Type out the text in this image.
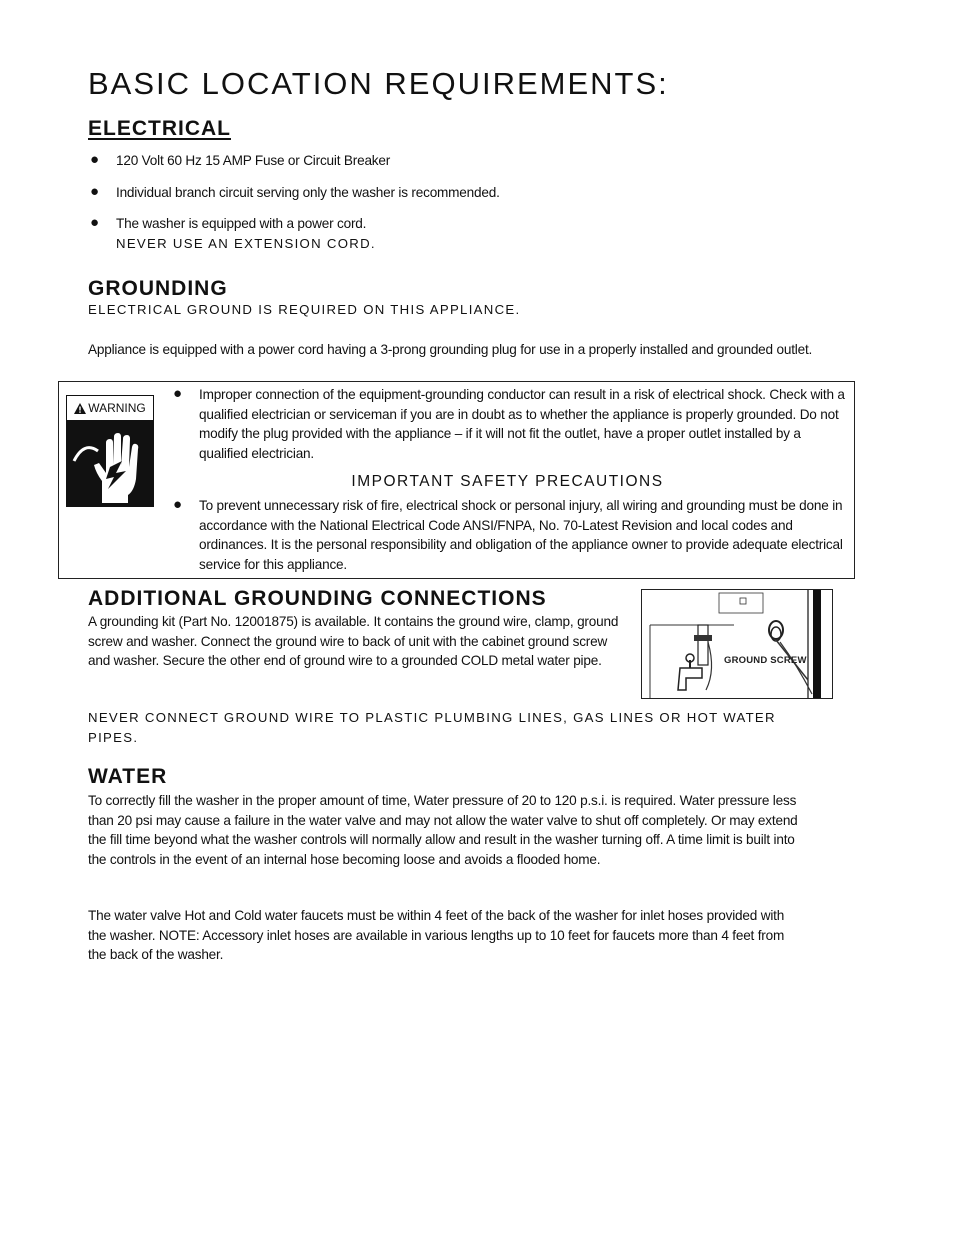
BASIC LOCATION REQUIREMENTS:
ELECTRICAL
● 120 Volt 60 Hz 15 AMP Fuse or Circuit Breaker
● Individual branch circuit serving only the washer is recommended.
● The washer is equipped with a power cord.
NEVER USE AN EXTENSION CORD.
GROUNDING
ELECTRICAL GROUND IS REQUIRED ON THIS APPLIANCE.
Appliance is equipped with a power cord having a 3-prong grounding plug for use in a properly installed and grounded outlet.
WARNING
● Improper connection of the equipment-grounding conductor can result in a risk of electrical shock. Check with a qualified electrician or serviceman if you are in doubt as to whether the appliance is properly grounded. Do not modify the plug provided with the appliance – if it will not fit the outlet, have a proper outlet installed by a qualified electrician.
IMPORTANT SAFETY PRECAUTIONS
● To prevent unnecessary risk of fire, electrical shock or personal injury, all wiring and grounding must be done in accordance with the National Electrical Code ANSI/FNPA, No. 70-Latest Revision and local codes and ordinances. It is the personal responsibility and obligation of the appliance owner to provide adequate electrical service for this appliance.
ADDITIONAL GROUNDING CONNECTIONS
A grounding kit (Part No. 12001875) is available. It contains the ground wire, clamp, ground screw and washer. Connect the ground wire to back of unit with the cabinet ground screw and washer. Secure the other end of ground wire to a grounded COLD metal water pipe.	GROUND SCREW
NEVER CONNECT GROUND WIRE TO PLASTIC PLUMBING LINES, GAS LINES OR HOT WATER PIPES.
WATER
To correctly fill the washer in the proper amount of time, Water pressure of 20 to 120 p.s.i. is required. Water pressure less than 20 psi may cause a failure in the water valve and may not allow the water valve to shut off completely. Or may extend the fill time beyond what the washer controls will normally allow and result in the washer turning off. A time limit is built into the controls in the event of an internal hose becoming loose and avoids a flooded home.
The water valve Hot and Cold water faucets must be within 4 feet of the back of the washer for inlet hoses provided with the washer. NOTE: Accessory inlet hoses are available in various lengths up to 10 feet for faucets more than 4 feet from the back of the washer.
